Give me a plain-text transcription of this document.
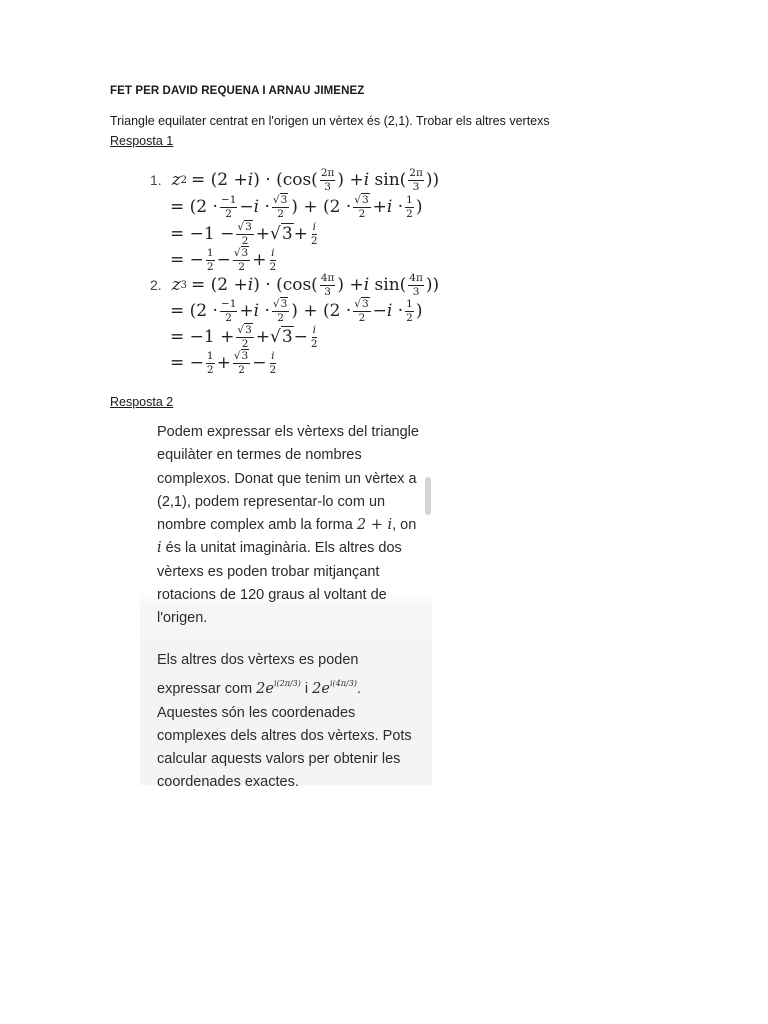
FET PER DAVID REQUENA I ARNAU JIMENEZ
Triangle equilater centrat en l'origen un vèrtex és (2,1). Trobar els altres vertexs
Resposta 1
1. z 2 = (2 + i ) · ($\cos( \frac{2\pi}{3}$ ) + i $\sin( \frac{2\pi}{3}$ ))
= ($2 \cdot \frac{-1}{2} - i \cdot \frac{√3}{2}$ ) + ($2 \cdot \frac{√3}{2} + i \cdot \frac{1}{2}$ )
= $-1 - \frac{√3}{2} + √3 + \frac{i}{2}$
= − $\frac{1}{2} - \frac{√3}{2} + \frac{i}{2}$
2. z 3 = (2 + i ) · ($\cos( \frac{4\pi}{3}$ ) + i $\sin( \frac{4\pi}{3}$ ))
= ($2 \cdot \frac{-1}{2} + i \cdot \frac{√3}{2}$ ) + ($2 \cdot \frac{√3}{2} - i \cdot \frac{1}{2}$ )
= $-1 + \frac{√3}{2} + √3 - \frac{i}{2}$
= − $\frac{1}{2} + \frac{√3}{2} - \frac{i}{2}$
Resposta 2
Podem expressar els vèrtexs del triangle equilàter en termes de nombres complexos. Donat que tenim un vèrtex a (2,1), podem representar-lo com un nombre complex amb la forma 2 + i, on i és la unitat imaginària. Els altres dos vèrtexs es poden trobar mitjançant rotacions de 120 graus al voltant de l'origen.
Els altres dos vèrtexs es poden expressar com $2e^{i(2\pi/3)}$ i $2e^{i(4\pi/3)}$. Aquestes són les coordenades complexes dels altres dos vèrtexs. Pots calcular aquests valors per obtenir les coordenades exactes.
